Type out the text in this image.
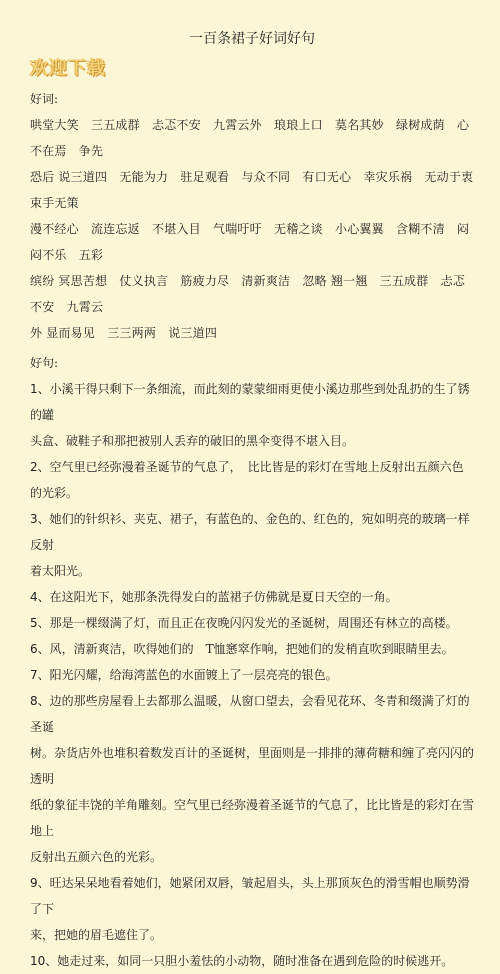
一百条裙子好词好句
欢迎下载
好词:
哄堂大笑　三五成群　忐忑不安　九霄云外　琅琅上口　莫名其妙　绿树成荫　心不在焉　争先
恐后 说三道四　无能为力　驻足观看　与众不同　有口无心　幸灾乐祸　无动于衷　束手无策
漫不经心　流连忘返　不堪入目　气喘吁吁　无稽之谈　小心翼翼　含糊不清　闷闷不乐　五彩
缤纷 冥思苦想　仗义执言　筋疲力尽　清新爽洁　忽略 翘一翘　三五成群　忐忑不安　九霄云
外 显而易见　三三两两　说三道四
好句:
1、小溪干得只剩下一条细流，而此刻的蒙蒙细雨更使小溪边那些到处乱扔的生了锈的罐
头盒、破鞋子和那把被别人丢弃的破旧的黑伞变得不堪入目。
2、空气里已经弥漫着圣诞节的气息了，　比比皆是的彩灯在雪地上反射出五颜六色的光彩。
3、她们的针织衫、夹克、裙子，有蓝色的、金色的、红色的，宛如明亮的玻璃一样反射
着太阳光。
4、在这阳光下，她那条洗得发白的蓝裙子仿佛就是夏日天空的一角。
5、那是一棵缀满了灯，而且正在夜晚闪闪发光的圣诞树，周围还有林立的高楼。
6、风，清新爽洁，吹得她们的　T恤窸窣作响，把她们的发梢直吹到眼睛里去。
7、阳光闪耀，给海湾蓝色的水面镀上了一层亮亮的银色。
8、边的那些房屋看上去都那么温暖，从窗口望去，会看见花环、冬青和缀满了灯的圣诞
树。杂货店外也堆积着数发百计的圣诞树，里面则是一排排的薄荷糖和缠了亮闪闪的透明
纸的象征丰饶的羊角雕刻。空气里已经弥漫着圣诞节的气息了，比比皆是的彩灯在雪地上
反射出五颜六色的光彩。
9、旺达呆呆地看着她们，她紧闭双唇，皱起眉头，头上那顶灰色的滑雪帽也顺势滑了下
来，把她的眉毛遮住了。
10、她走过来，如同一只胆小羞怯的小动物，随时准备在遇到危险的时候逃开。
